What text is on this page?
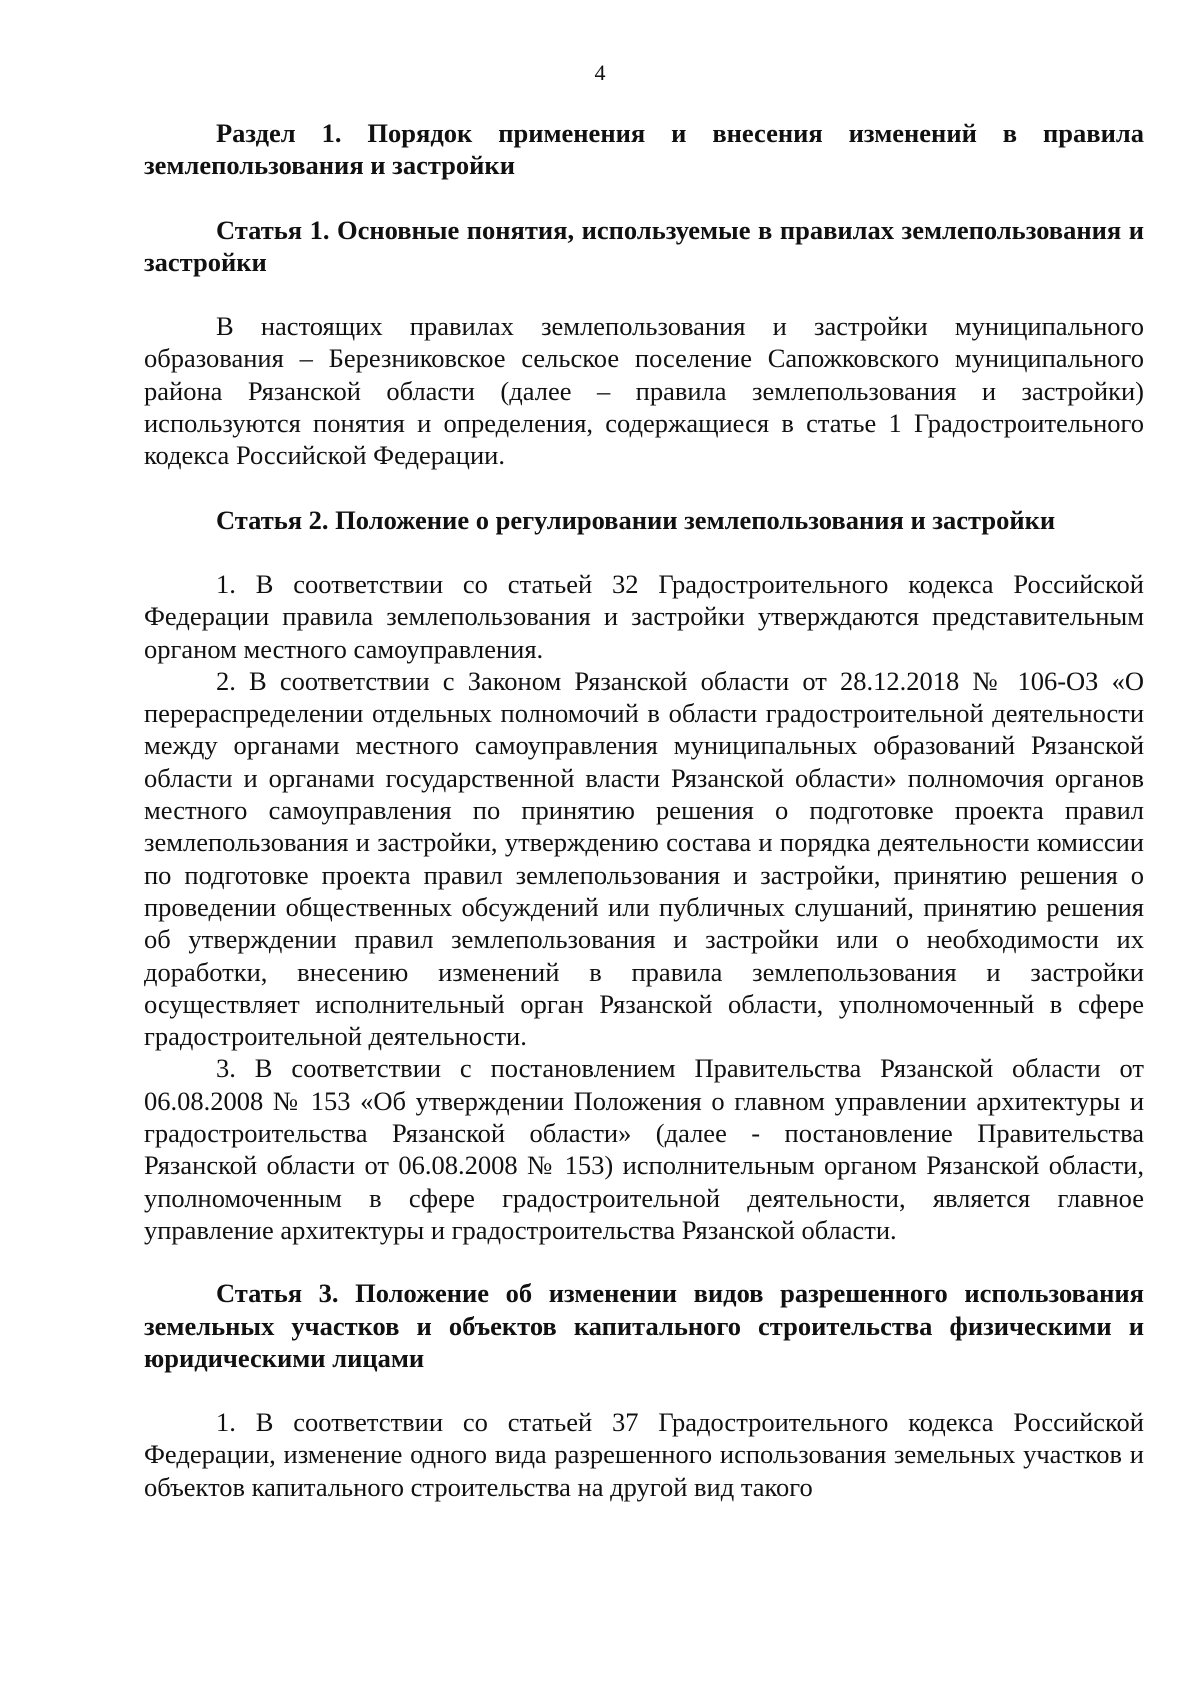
4

Раздел 1. Порядок применения и внесения изменений в правила землепользования и застройки

Статья 1. Основные понятия, используемые в правилах землепользования и застройки

В настоящих правилах землепользования и застройки муниципального образования – Березниковское сельское поселение Сапожковского муниципального района Рязанской области (далее – правила землепользования и застройки) используются понятия и определения, содержащиеся в статье 1 Градостроительного кодекса Российской Федерации.

Статья 2. Положение о регулировании землепользования и застройки

1. В соответствии со статьей 32 Градостроительного кодекса Российской Федерации правила землепользования и застройки утверждаются представительным органом местного самоуправления.

2. В соответствии с Законом Рязанской области от 28.12.2018 № 106-ОЗ «О перераспределении отдельных полномочий в области градостроительной деятельности между органами местного самоуправления муниципальных образований Рязанской области и органами государственной власти Рязанской области» полномочия органов местного самоуправления по принятию решения о подготовке проекта правил землепользования и застройки, утверждению состава и порядка деятельности комиссии по подготовке проекта правил землепользования и застройки, принятию решения о проведении общественных обсуждений или публичных слушаний, принятию решения об утверждении правил землепользования и застройки или о необходимости их доработки, внесению изменений в правила землепользования и застройки осуществляет исполнительный орган Рязанской области, уполномоченный в сфере градостроительной деятельности.

3. В соответствии с постановлением Правительства Рязанской области от 06.08.2008 № 153 «Об утверждении Положения о главном управлении архитектуры и градостроительства Рязанской области» (далее - постановление Правительства Рязанской области от 06.08.2008 № 153) исполнительным органом Рязанской области, уполномоченным в сфере градостроительной деятельности, является главное управление архитектуры и градостроительства Рязанской области.

Статья 3. Положение об изменении видов разрешенного использования земельных участков и объектов капитального строительства физическими и юридическими лицами

1. В соответствии со статьей 37 Градостроительного кодекса Российской Федерации, изменение одного вида разрешенного использования земельных участков и объектов капитального строительства на другой вид такого
